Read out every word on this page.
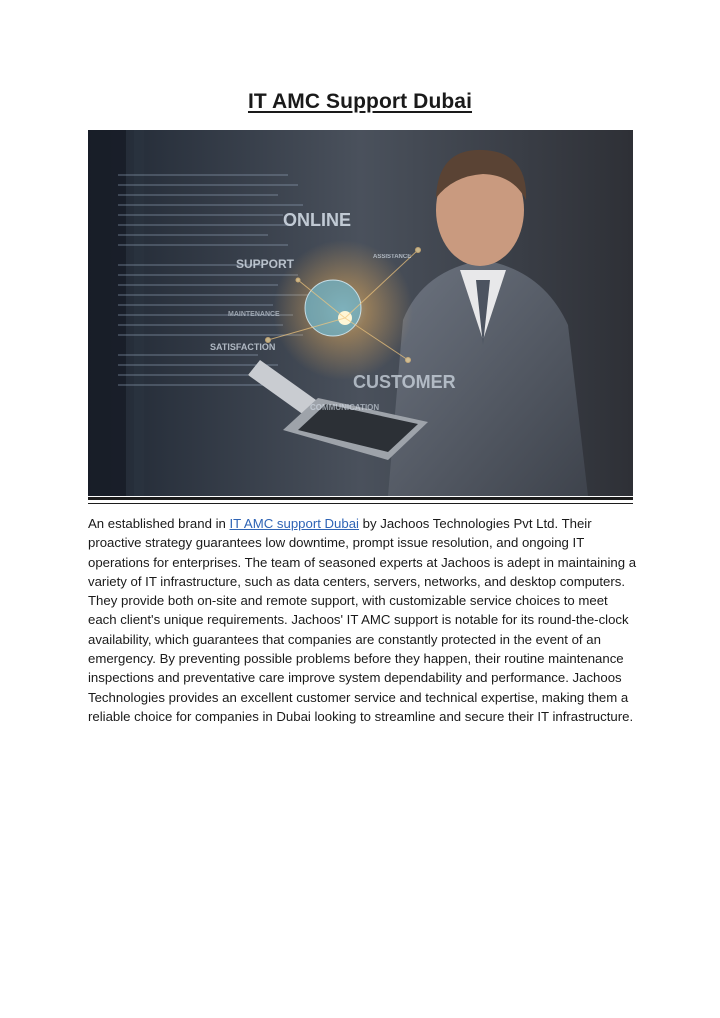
IT AMC Support Dubai
ONLINE
SUPPORT	ASSISTANCE
MAINTENANCE
SATISFACTION
CUSTOMER
COMMUNICATION

An established brand in IT AMC support Dubai by Jachoos Technologies Pvt Ltd. Their proactive strategy guarantees low downtime, prompt issue resolution, and ongoing IT operations for enterprises. The team of seasoned experts at Jachoos is adept in maintaining a variety of IT infrastructure, such as data centers, servers, networks, and desktop computers. They provide both on-site and remote support, with customizable service choices to meet each client's unique requirements. Jachoos' IT AMC support is notable for its round-the-clock availability, which guarantees that companies are constantly protected in the event of an emergency. By preventing possible problems before they happen, their routine maintenance inspections and preventative care improve system dependability and performance. Jachoos Technologies provides an excellent customer service and technical expertise, making them a reliable choice for companies in Dubai looking to streamline and secure their IT infrastructure.
